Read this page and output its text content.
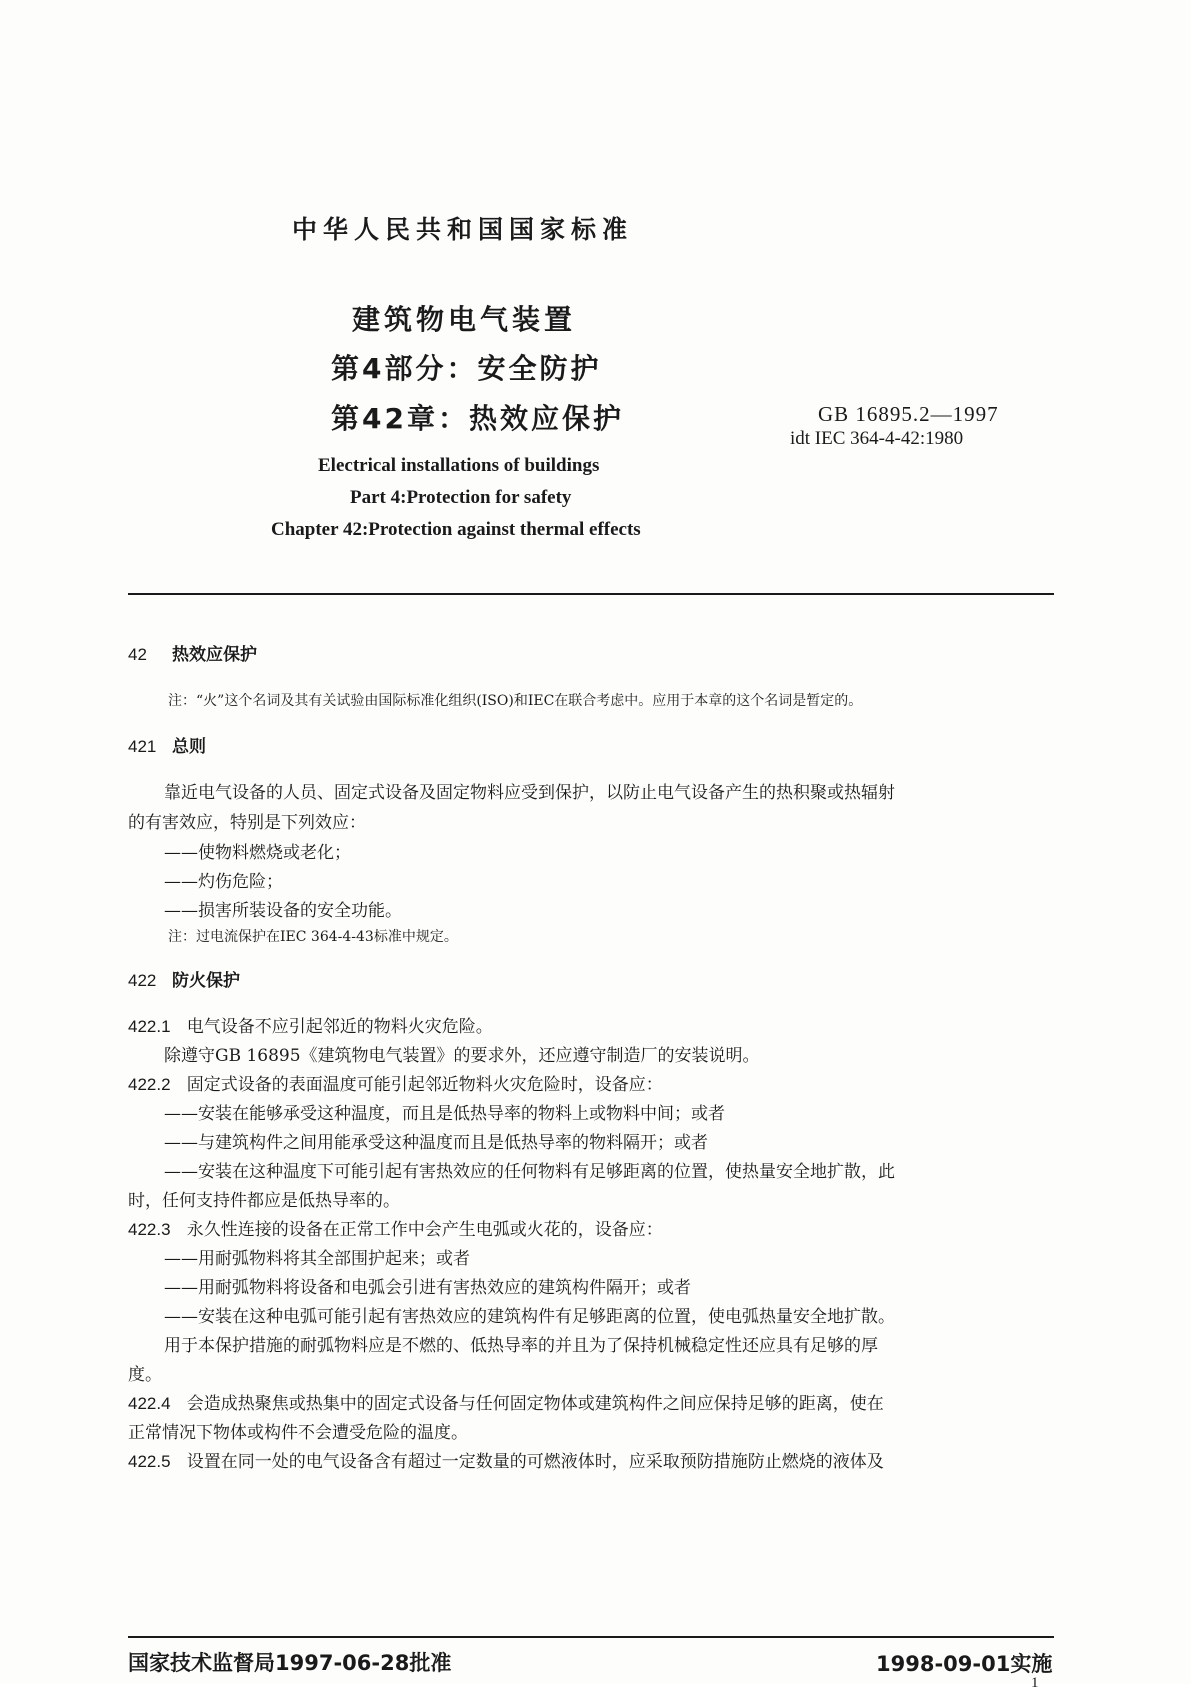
中华人民共和国国家标准
建筑物电气装置
第4部分：安全防护
第42章：热效应保护	GB 16895.2—1997
idt IEC 364-4-42:1980
Electrical installations of buildings
Part 4:Protection for safety
Chapter 42:Protection against thermal effects
42 热效应保护
注：“火”这个名词及其有关试验由国际标准化组织(ISO)和IEC在联合考虑中。应用于本章的这个名词是暂定的。
421 总则
靠近电气设备的人员、固定式设备及固定物料应受到保护，以防止电气设备产生的热积聚或热辐射
的有害效应，特别是下列效应：
——使物料燃烧或老化；
——灼伤危险；
——损害所装设备的安全功能。
注：过电流保护在IEC 364-4-43标准中规定。
422 防火保护
422.1 电气设备不应引起邻近的物料火灾危险。
除遵守GB 16895《建筑物电气装置》的要求外，还应遵守制造厂的安装说明。
422.2 固定式设备的表面温度可能引起邻近物料火灾危险时，设备应：
——安装在能够承受这种温度，而且是低热导率的物料上或物料中间；或者
——与建筑构件之间用能承受这种温度而且是低热导率的物料隔开；或者
——安装在这种温度下可能引起有害热效应的任何物料有足够距离的位置，使热量安全地扩散，此
时，任何支持件都应是低热导率的。
422.3 永久性连接的设备在正常工作中会产生电弧或火花的，设备应：
——用耐弧物料将其全部围护起来；或者
——用耐弧物料将设备和电弧会引进有害热效应的建筑构件隔开；或者
——安装在这种电弧可能引起有害热效应的建筑构件有足够距离的位置，使电弧热量安全地扩散。
用于本保护措施的耐弧物料应是不燃的、低热导率的并且为了保持机械稳定性还应具有足够的厚
度。
422.4 会造成热聚焦或热集中的固定式设备与任何固定物体或建筑构件之间应保持足够的距离，使在
正常情况下物体或构件不会遭受危险的温度。
422.5 设置在同一处的电气设备含有超过一定数量的可燃液体时，应采取预防措施防止燃烧的液体及
国家技术监督局1997-06-28批准	1998-09-01实施
1
